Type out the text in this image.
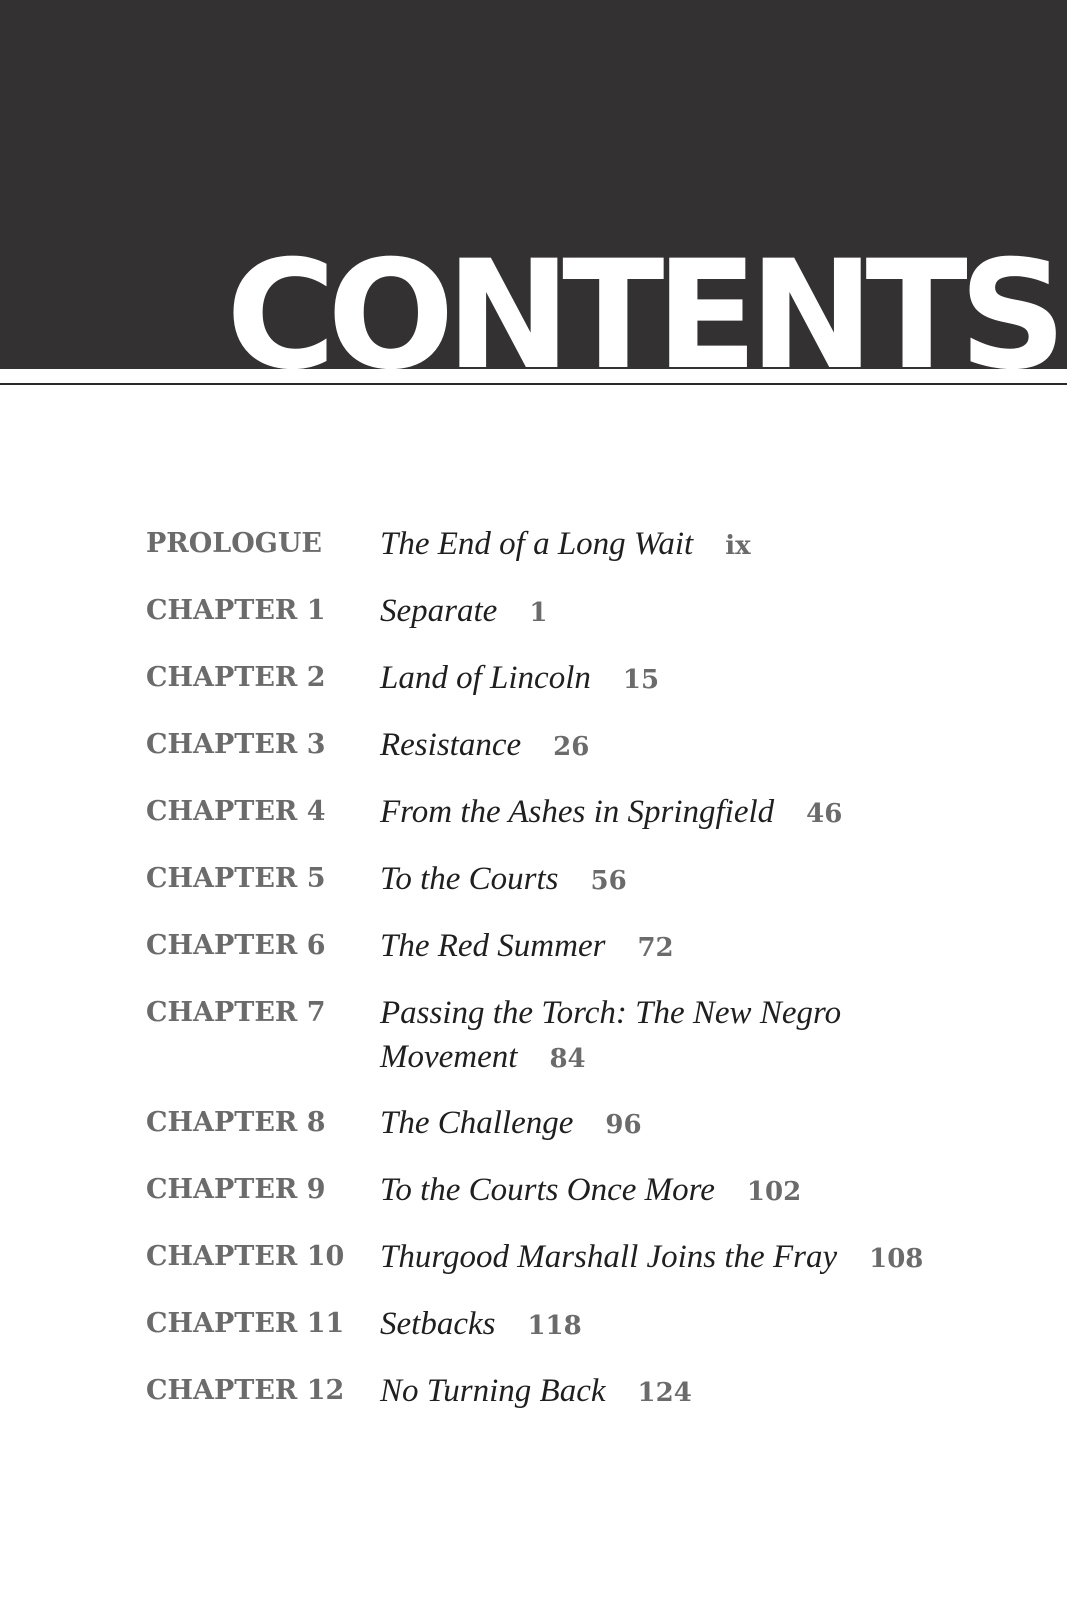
CONTENTS
PROLOGUE	The End of a Long Wait ix
CHAPTER 1	Separate 1
CHAPTER 2	Land of Lincoln 15
CHAPTER 3	Resistance 26
CHAPTER 4	From the Ashes in Springfield 46
CHAPTER 5	To the Courts 56
CHAPTER 6	The Red Summer 72
CHAPTER 7	Passing the Torch: The New Negro
Movement 84
CHAPTER 8	The Challenge 96
CHAPTER 9	To the Courts Once More 102
CHAPTER 10	Thurgood Marshall Joins the Fray 108
CHAPTER 11	Setbacks 118
CHAPTER 12	No Turning Back 124
